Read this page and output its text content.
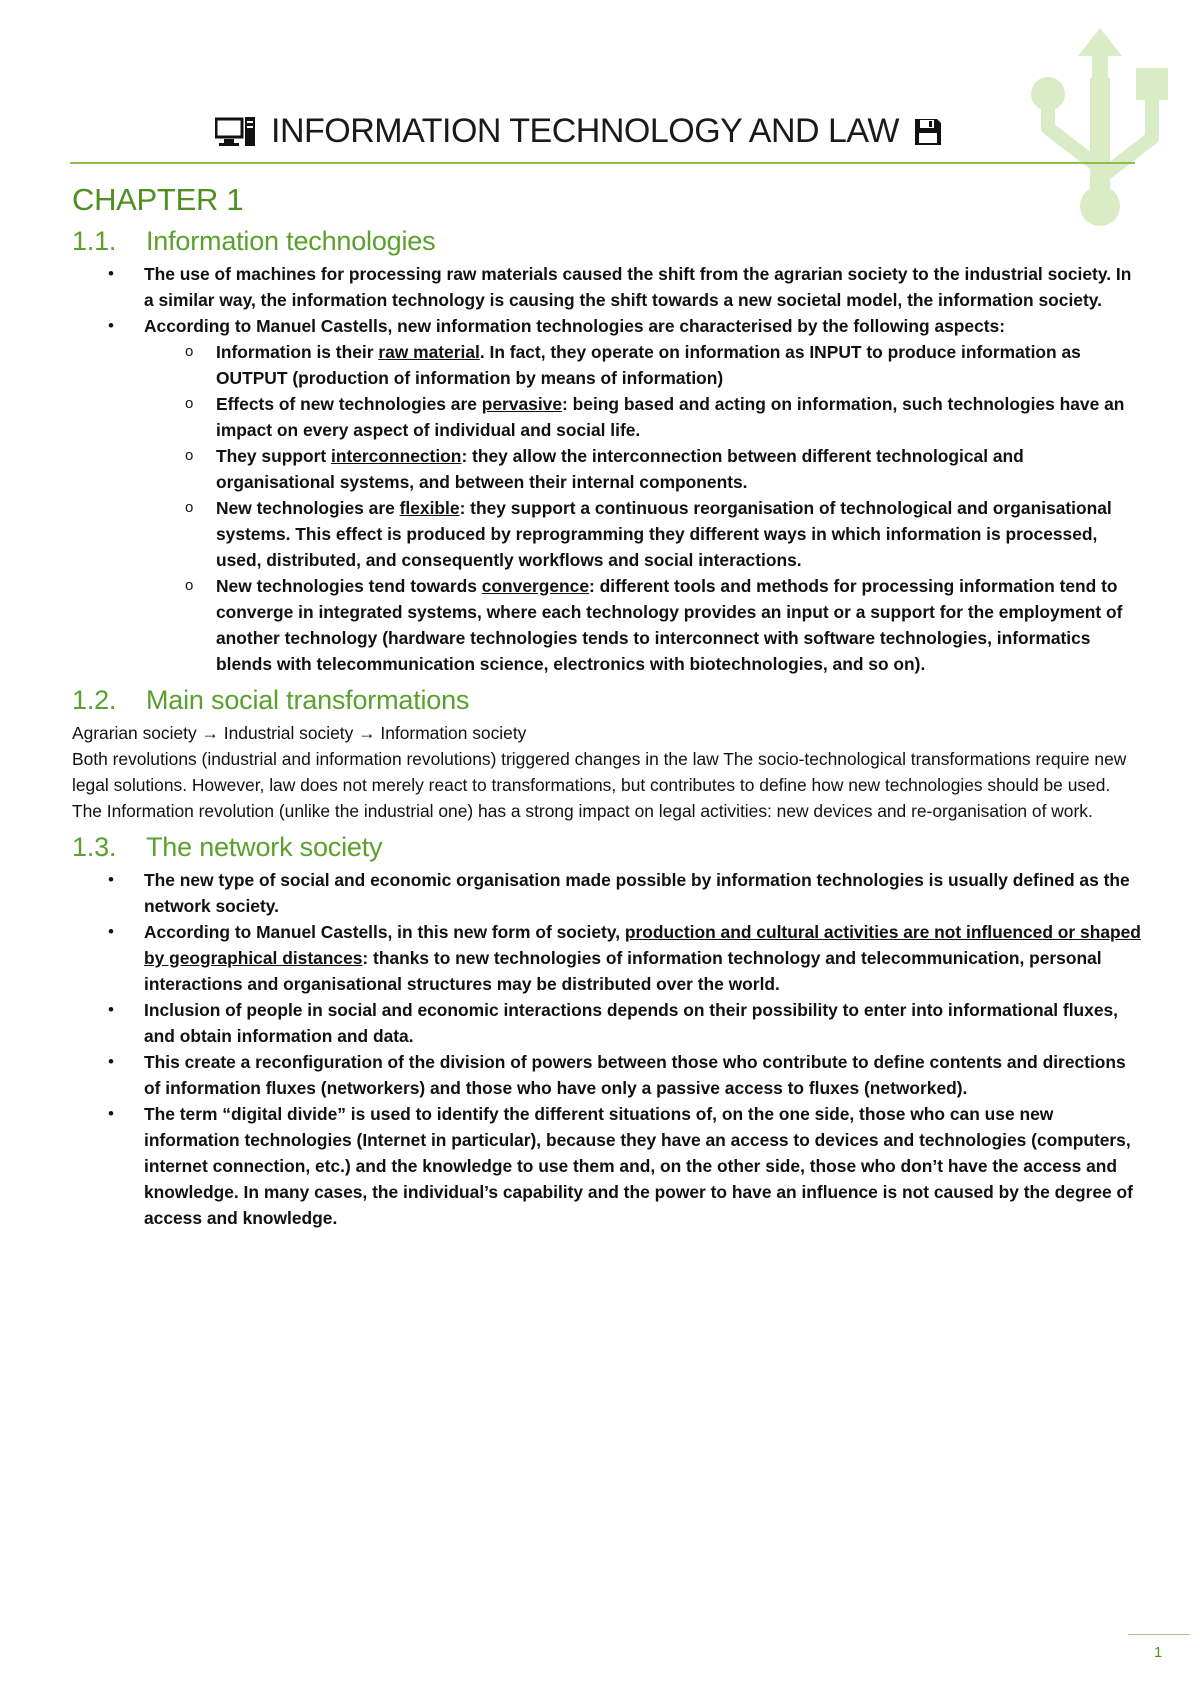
INFORMATION TECHNOLOGY AND LAW
CHAPTER 1
1.1.	Information technologies
• The use of machines for processing raw materials caused the shift from the agrarian society to the industrial society. In a similar way, the information technology is causing the shift towards a new societal model, the information society.
• According to Manuel Castells, new information technologies are characterised by the following aspects:
o Information is their raw material. In fact, they operate on information as INPUT to produce information as OUTPUT (production of information by means of information)
o Effects of new technologies are pervasive: being based and acting on information, such technologies have an impact on every aspect of individual and social life.
o They support interconnection: they allow the interconnection between different technological and organisational systems, and between their internal components.
o New technologies are flexible: they support a continuous reorganisation of technological and organisational systems. This effect is produced by reprogramming they different ways in which information is processed, used, distributed, and consequently workflows and social interactions.
o New technologies tend towards convergence: different tools and methods for processing information tend to converge in integrated systems, where each technology provides an input or a support for the employment of another technology (hardware technologies tends to interconnect with software technologies, informatics blends with telecommunication science, electronics with biotechnologies, and so on).
1.2.	Main social transformations

Agrarian society → Industrial society → Information society

Both revolutions (industrial and information revolutions) triggered changes in the law The socio-technological transformations require new legal solutions. However, law does not merely react to transformations, but contributes to define how new technologies should be used.

The Information revolution (unlike the industrial one) has a strong impact on legal activities: new devices and re-organisation of work.

1.3.	The network society
• The new type of social and economic organisation made possible by information technologies is usually defined as the network society.
• According to Manuel Castells, in this new form of society, production and cultural activities are not influenced or shaped by geographical distances: thanks to new technologies of information technology and telecommunication, personal interactions and organisational structures may be distributed over the world.
• Inclusion of people in social and economic interactions depends on their possibility to enter into informational fluxes, and obtain information and data.
• This create a reconfiguration of the division of powers between those who contribute to define contents and directions of information fluxes (networkers) and those who have only a passive access to fluxes (networked).
• The term “digital divide” is used to identify the different situations of, on the one side, those who can use new information technologies (Internet in particular), because they have an access to devices and technologies (computers, internet connection, etc.) and the knowledge to use them and, on the other side, those who don’t have the access and knowledge. In many cases, the individual’s capability and the power to have an influence is not caused by the degree of access and knowledge.
1
